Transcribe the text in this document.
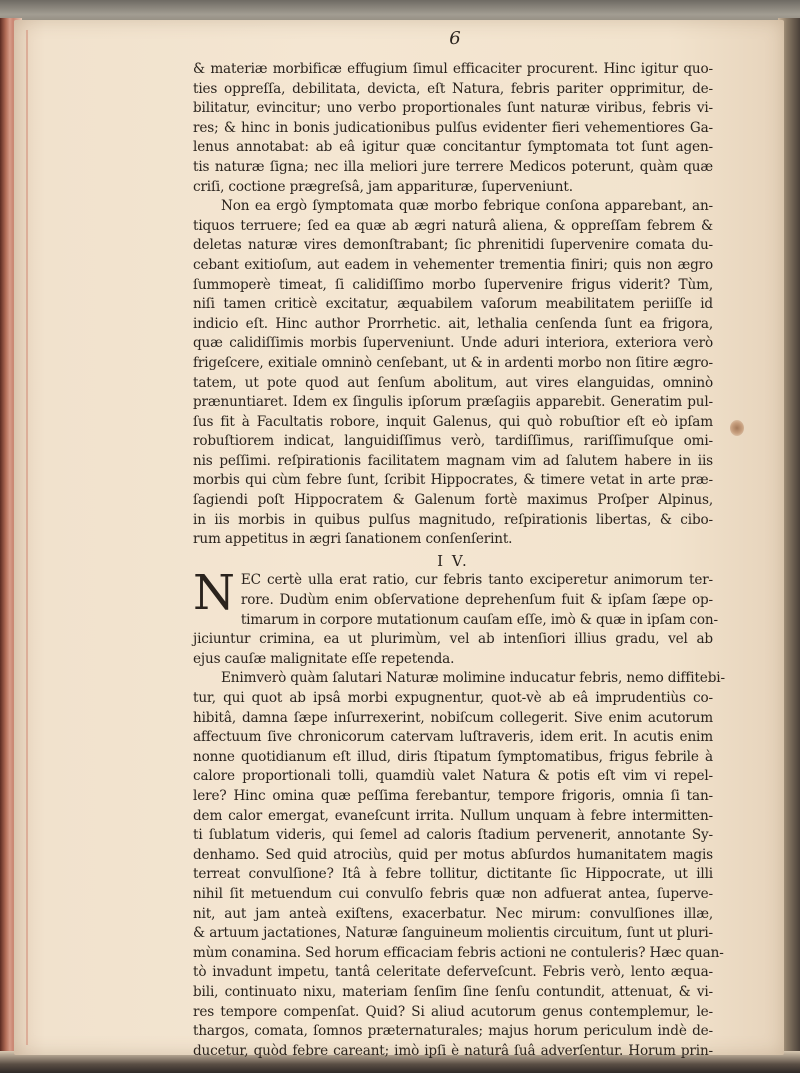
6
& materiæ morbificæ effugium ſimul efficaciter procurent. Hinc igitur quo-
ties oppreſſa, debilitata, devicta, eſt Natura, febris pariter opprimitur, de-
bilitatur, evincitur; uno verbo proportionales ſunt naturæ viribus, febris vi-
res; & hinc in bonis judicationibus pulſus evidenter fieri vehementiores Ga-
lenus annotabat: ab eâ igitur quæ concitantur ſymptomata tot ſunt agen-
tis naturæ ſigna; nec illa meliori jure terrere Medicos poterunt, quàm quæ
criſi, coctione prægreſsâ, jam apparituræ, ſuperveniunt.
Non ea ergò ſymptomata quæ morbo febrique conſona apparebant, an-
tiquos terruere; ſed ea quæ ab ægri naturâ aliena, & oppreſſam febrem &
deletas naturæ vires demonſtrabant; ſic phrenitidi ſupervenire comata du-
cebant exitioſum, aut eadem in vehementer trementia finiri; quis non ægro
ſummoperè timeat, ſi calidiſſimo morbo ſupervenire frigus viderit? Tùm,
niſi tamen criticè excitatur, æquabilem vaſorum meabilitatem periiſſe id
indicio eſt. Hinc author Prorrhetic. ait, lethalia cenſenda ſunt ea frigora,
quæ calidiſſimis morbis ſuperveniunt. Unde aduri interiora, exteriora verò
frigeſcere, exitiale omninò cenſebant, ut & in ardenti morbo non ſitire ægro-
tatem, ut pote quod aut ſenſum abolitum, aut vires elanguidas, omninò
prænuntiaret. Idem ex ſingulis ipſorum præſagiis apparebit. Generatim pul-
ſus fit à Facultatis robore, inquit Galenus, qui quò robuſtior eſt eò ipſam
robuſtiorem indicat, languidiſſimus verò, tardiſſimus, rariſſimuſque omi-
nis peſſimi. reſpirationis facilitatem magnam vim ad ſalutem habere in iis
morbis qui cùm febre ſunt, ſcribit Hippocrates, & timere vetat in arte præ-
ſagiendi poſt Hippocratem & Galenum fortè maximus Proſper Alpinus,
in iis morbis in quibus pulſus magnitudo, reſpirationis libertas, & cibo-
rum appetitus in ægri ſanationem conſenſerint.
I V.
N EC certè ulla erat ratio, cur febris tanto exciperetur animorum ter-
rore. Dudùm enim obſervatione deprehenſum fuit & ipſam ſæpe op-
timarum in corpore mutationum cauſam eſſe, imò & quæ in ipſam con-
jiciuntur crimina, ea ut plurimùm, vel ab intenſiori illius gradu, vel ab
ejus cauſæ malignitate eſſe repetenda.
Enimverò quàm ſalutari Naturæ molimine inducatur febris, nemo diffitebi-
tur, qui quot ab ipsâ morbi expugnentur, quot-vè ab eâ imprudentiùs co-
hibitâ, damna ſæpe inſurrexerint, nobiſcum collegerit. Sive enim acutorum
affectuum ſive chronicorum catervam luſtraveris, idem erit. In acutis enim
nonne quotidianum eſt illud, diris ſtipatum ſymptomatibus, frigus febrile à
calore proportionali tolli, quamdiù valet Natura & potis eſt vim vi repel-
lere? Hinc omina quæ peſſima ferebantur, tempore frigoris, omnia ſi tan-
dem calor emergat, evaneſcunt irrita. Nullum unquam à febre intermitten-
ti ſublatum videris, qui ſemel ad caloris ſtadium pervenerit, annotante Sy-
denhamo. Sed quid atrociùs, quid per motus abſurdos humanitatem magis
terreat convulſione? Itâ à febre tollitur, dictitante ſic Hippocrate, ut illi
nihil ſit metuendum cui convulſo febris quæ non adfuerat antea, ſuperve-
nit, aut jam anteà exiſtens, exacerbatur. Nec mirum: convulſiones illæ,
& artuum jactationes, Naturæ ſanguineum molientis circuitum, ſunt ut pluri-
mùm conamina. Sed horum efficaciam febris actioni ne contuleris? Hæc quan-
tò invadunt impetu, tantâ celeritate deferveſcunt. Febris verò, lento æqua-
bili, continuato nixu, materiam ſenſim ſine ſenſu contundit, attenuat, & vi-
res tempore compenſat. Quid? Si aliud acutorum genus contemplemur, le-
thargos, comata, ſomnos præternaturales; majus horum periculum indè de-
ducetur, quòd febre careant; imò ipſi è naturâ ſuâ adverſentur. Horum prin-
